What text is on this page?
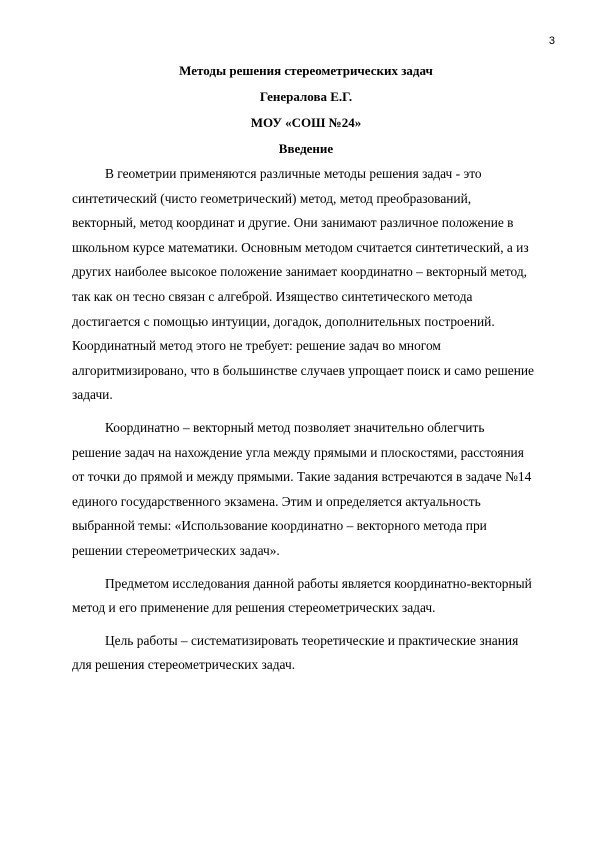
3
Методы решения стереометрических задач
Генералова Е.Г.
МОУ «СОШ №24»
Введение

В геометрии применяются различные методы решения задач - это
синтетический (чисто геометрический) метод, метод преобразований,
векторный, метод координат и другие. Они занимают различное положение в
школьном курсе математики. Основным методом считается синтетический, а из
других наиболее высокое положение занимает координатно – векторный метод,
так как он тесно связан с алгеброй. Изящество синтетического метода
достигается с помощью интуиции, догадок, дополнительных построений.
Координатный метод этого не требует: решение задач во многом
алгоритмизировано, что в большинстве случаев упрощает поиск и само решение
задачи.

Координатно – векторный метод позволяет значительно облегчить
решение задач на нахождение угла между прямыми и плоскостями, расстояния
от точки до прямой и между прямыми. Такие задания встречаются в задаче №14
единого государственного экзамена. Этим и определяется актуальность
выбранной темы: «Использование координатно – векторного метода при
решении стереометрических задач».

Предметом исследования данной работы является координатно-векторный
метод и его применение для решения стереометрических задач.

Цель работы – систематизировать теоретические и практические знания
для решения стереометрических задач.
